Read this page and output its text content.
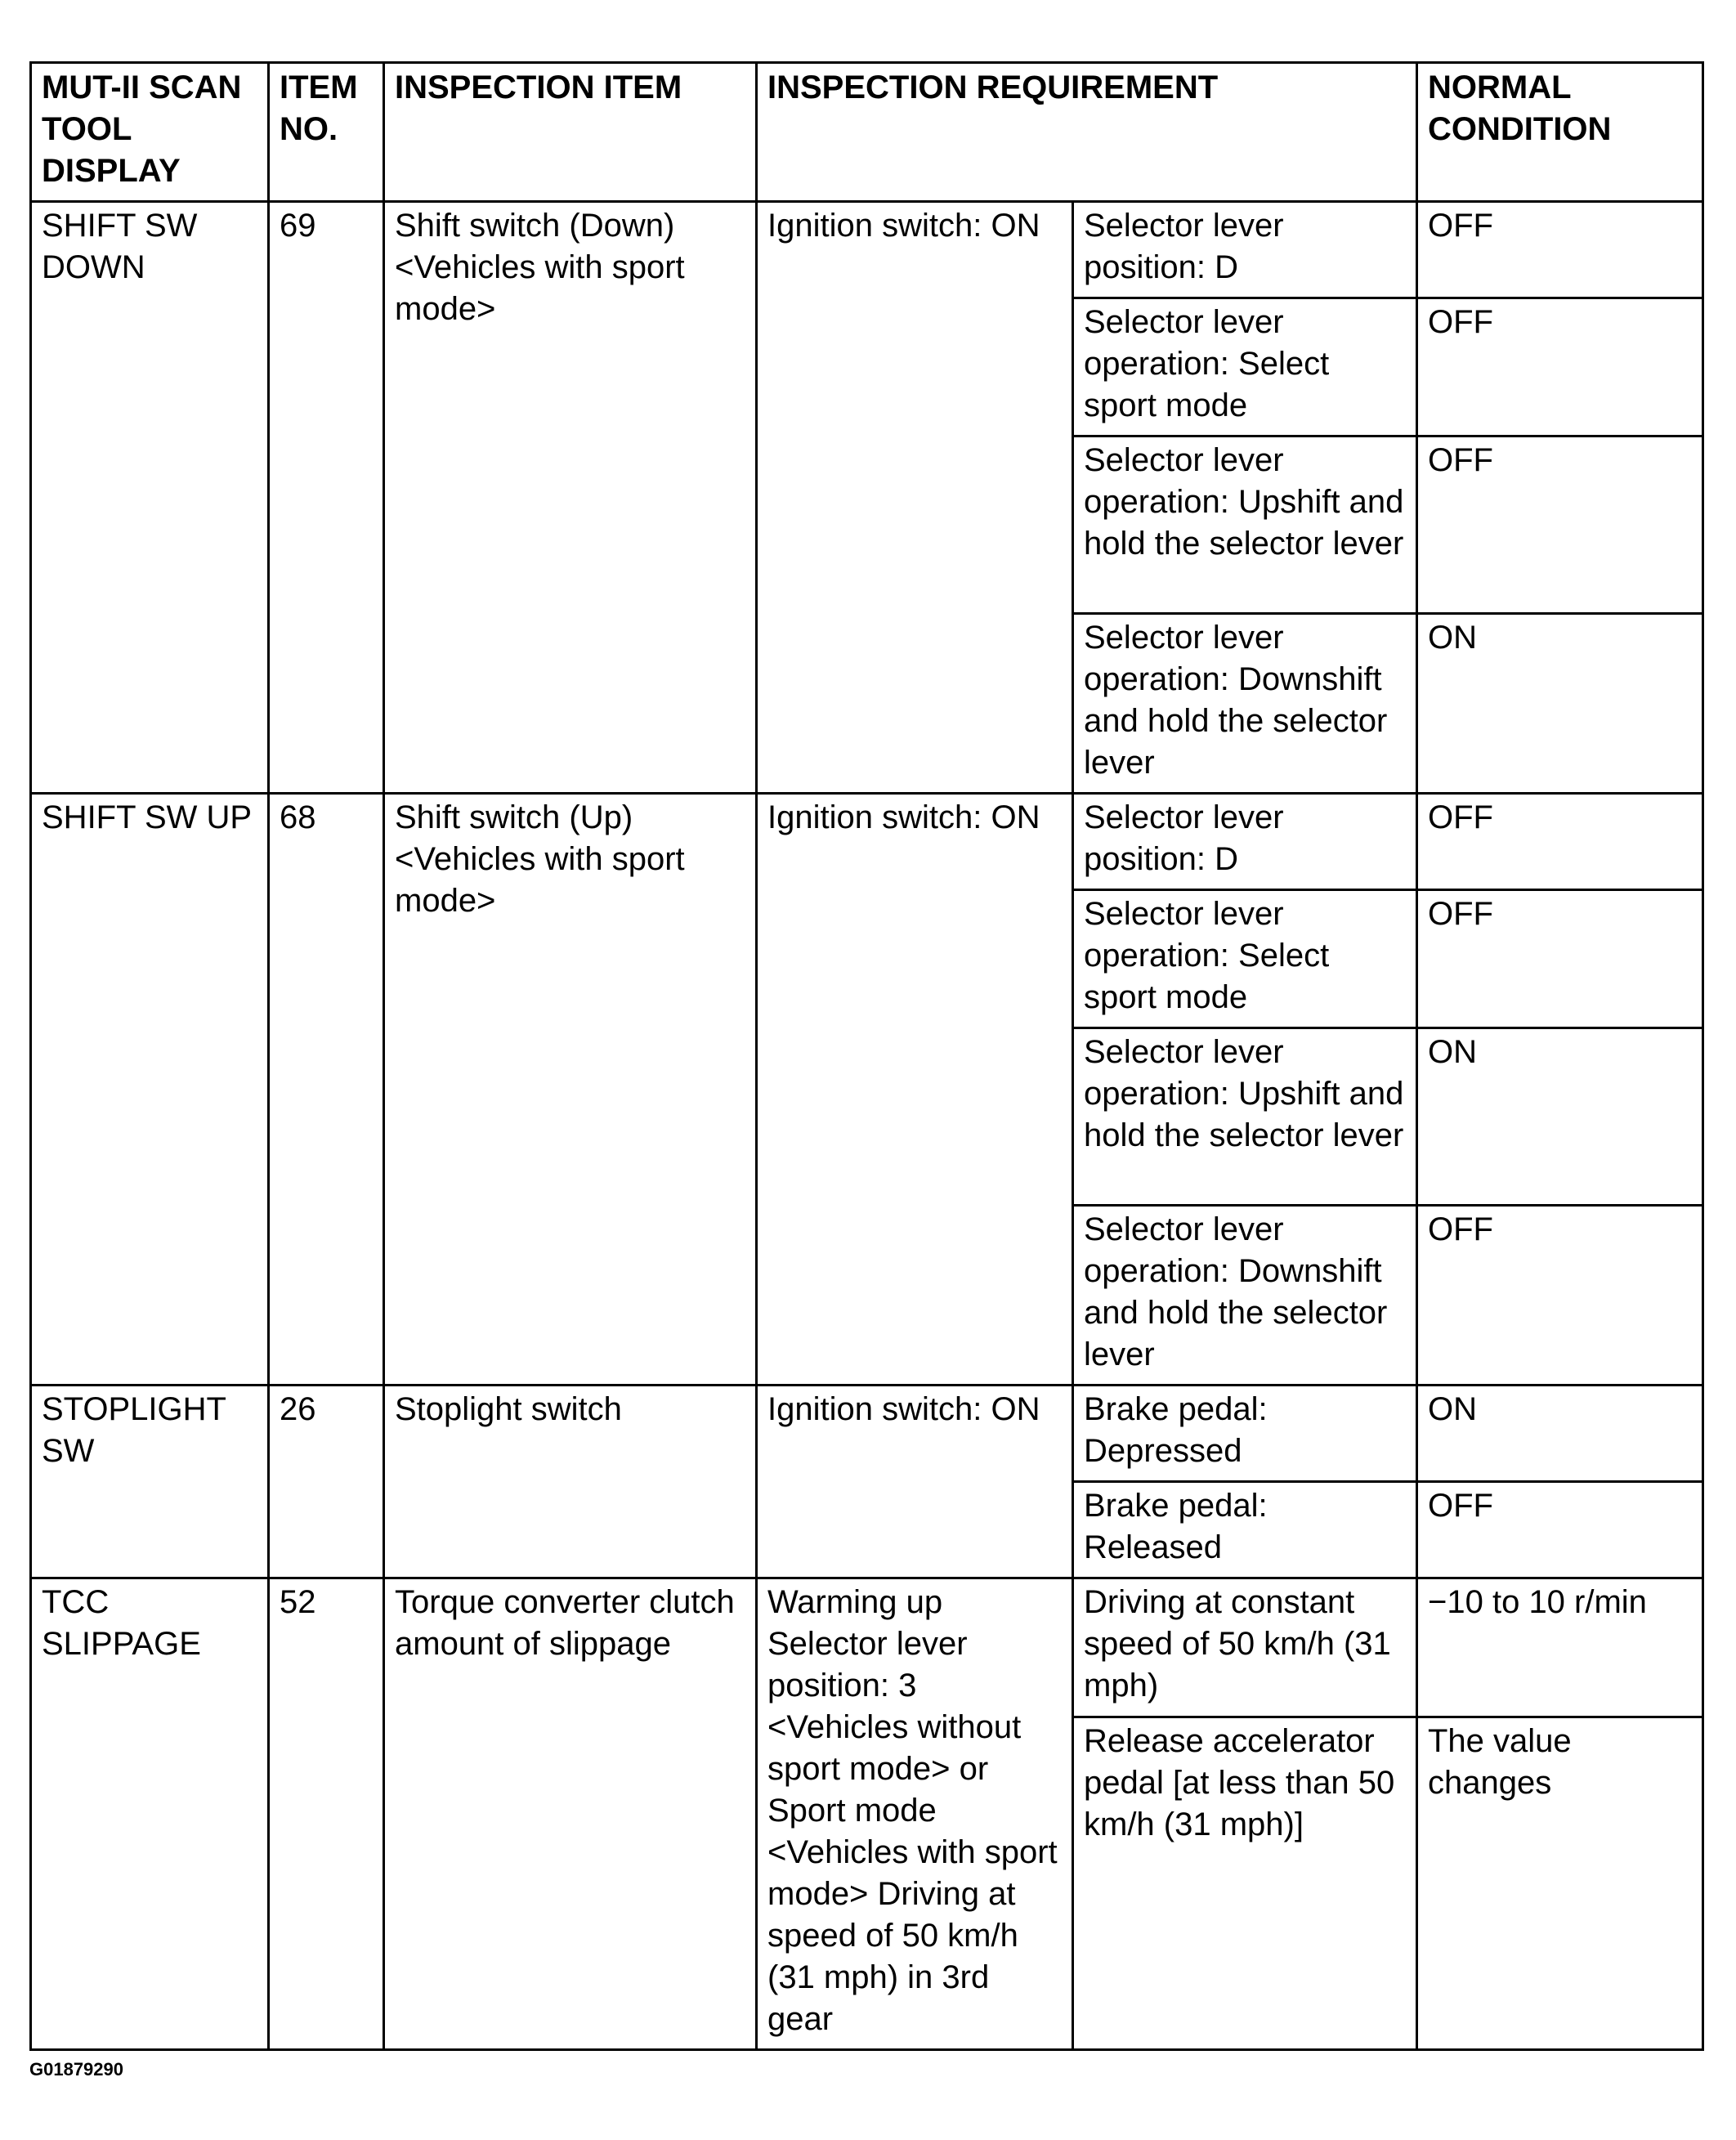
MUT-II SCAN TOOL DISPLAY	ITEM NO.	INSPECTION ITEM	INSPECTION REQUIREMENT		NORMAL CONDITION
SHIFT SW DOWN	69	Shift switch (Down) <Vehicles with sport mode>	Ignition switch: ON	Selector lever position: D	OFF
				Selector lever operation: Select sport mode	OFF
				Selector lever operation: Upshift and hold the selector lever	OFF
				Selector lever operation: Downshift and hold the selector lever	ON
SHIFT SW UP	68	Shift switch (Up) <Vehicles with sport mode>	Ignition switch: ON	Selector lever position: D	OFF
				Selector lever operation: Select sport mode	OFF
				Selector lever operation: Upshift and hold the selector lever	ON
				Selector lever operation: Downshift and hold the selector lever	OFF
STOPLIGHT SW	26	Stoplight switch	Ignition switch: ON	Brake pedal: Depressed	ON
				Brake pedal: Released	OFF
TCC SLIPPAGE	52	Torque converter clutch amount of slippage	Warming up Selector lever position: 3 <Vehicles without sport mode> or Sport mode <Vehicles with sport mode> Driving at speed of 50 km/h (31 mph) in 3rd gear	Driving at constant speed of 50 km/h (31 mph)	−10 to 10 r/min
				Release accelerator pedal [at less than 50 km/h (31 mph)]	The value changes
G01879290
